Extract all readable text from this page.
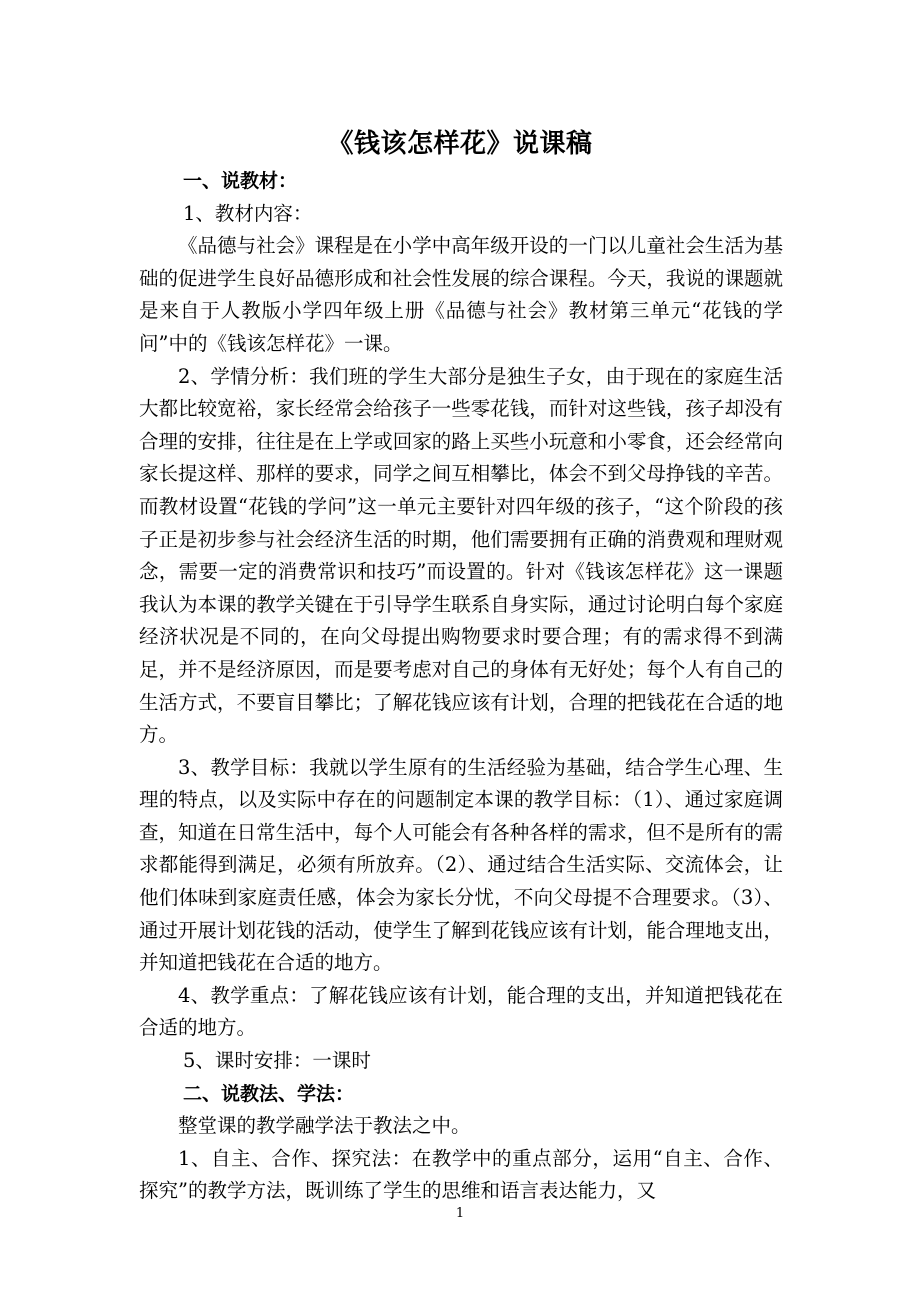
《钱该怎样花》说课稿
一、说教材：
1、教材内容：

《品德与社会》课程是在小学中高年级开设的一门以儿童社会生活为基础的促进学生良好品德形成和社会性发展的综合课程。今天，我说的课题就是来自于人教版小学四年级上册《品德与社会》教材第三单元“花钱的学问”中的《钱该怎样花》一课。

2、学情分析：我们班的学生大部分是独生子女，由于现在的家庭生活大都比较宽裕，家长经常会给孩子一些零花钱，而针对这些钱，孩子却没有合理的安排，往往是在上学或回家的路上买些小玩意和小零食，还会经常向家长提这样、那样的要求，同学之间互相攀比，体会不到父母挣钱的辛苦。而教材设置“花钱的学问”这一单元主要针对四年级的孩子，“这个阶段的孩子正是初步参与社会经济生活的时期，他们需要拥有正确的消费观和理财观念，需要一定的消费常识和技巧”而设置的。针对《钱该怎样花》这一课题我认为本课的教学关键在于引导学生联系自身实际，通过讨论明白每个家庭经济状况是不同的，在向父母提出购物要求时要合理；有的需求得不到满足，并不是经济原因，而是要考虑对自己的身体有无好处；每个人有自己的生活方式，不要盲目攀比；了解花钱应该有计划，合理的把钱花在合适的地方。

3、教学目标：我就以学生原有的生活经验为基础，结合学生心理、生理的特点，以及实际中存在的问题制定本课的教学目标：（1）、通过家庭调查，知道在日常生活中，每个人可能会有各种各样的需求，但不是所有的需求都能得到满足，必须有所放弃。（2）、通过结合生活实际、交流体会，让他们体味到家庭责任感，体会为家长分忧，不向父母提不合理要求。（3）、通过开展计划花钱的活动，使学生了解到花钱应该有计划，能合理地支出，并知道把钱花在合适的地方。

4、教学重点：了解花钱应该有计划，能合理的支出，并知道把钱花在合适的地方。

5、课时安排：一课时
二、说教法、学法：

整堂课的教学融学法于教法之中。

1、自主、合作、探究法：在教学中的重点部分，运用“自主、合作、探究”的教学方法，既训练了学生的思维和语言表达能力，又

1
